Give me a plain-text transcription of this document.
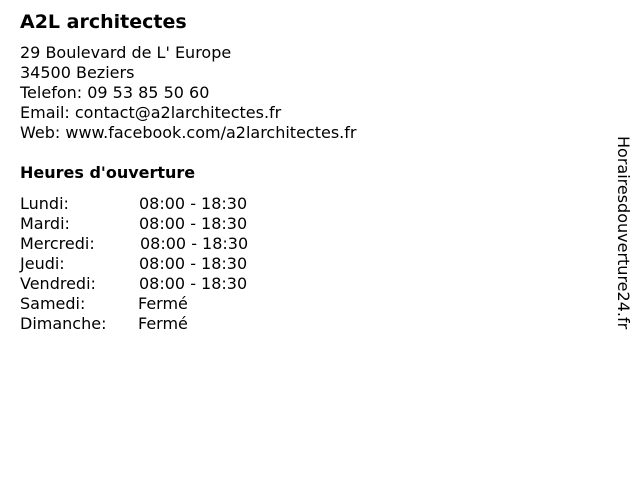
A2L architectes
29 Boulevard de L' Europe
34500 Beziers
Telefon: 09 53 85 50 60
Email: contact@a2larchitectes.fr
Web: www.facebook.com/a2larchitectes.fr
Heures d'ouverture
Lundi:	08:00 - 18:30
Mardi:	08:00 - 18:30
Mercredi:	08:00 - 18:30
Jeudi:	08:00 - 18:30
Vendredi:	08:00 - 18:30
Samedi:	Fermé
Dimanche: Fermé	Horairesdouverture24.fr
